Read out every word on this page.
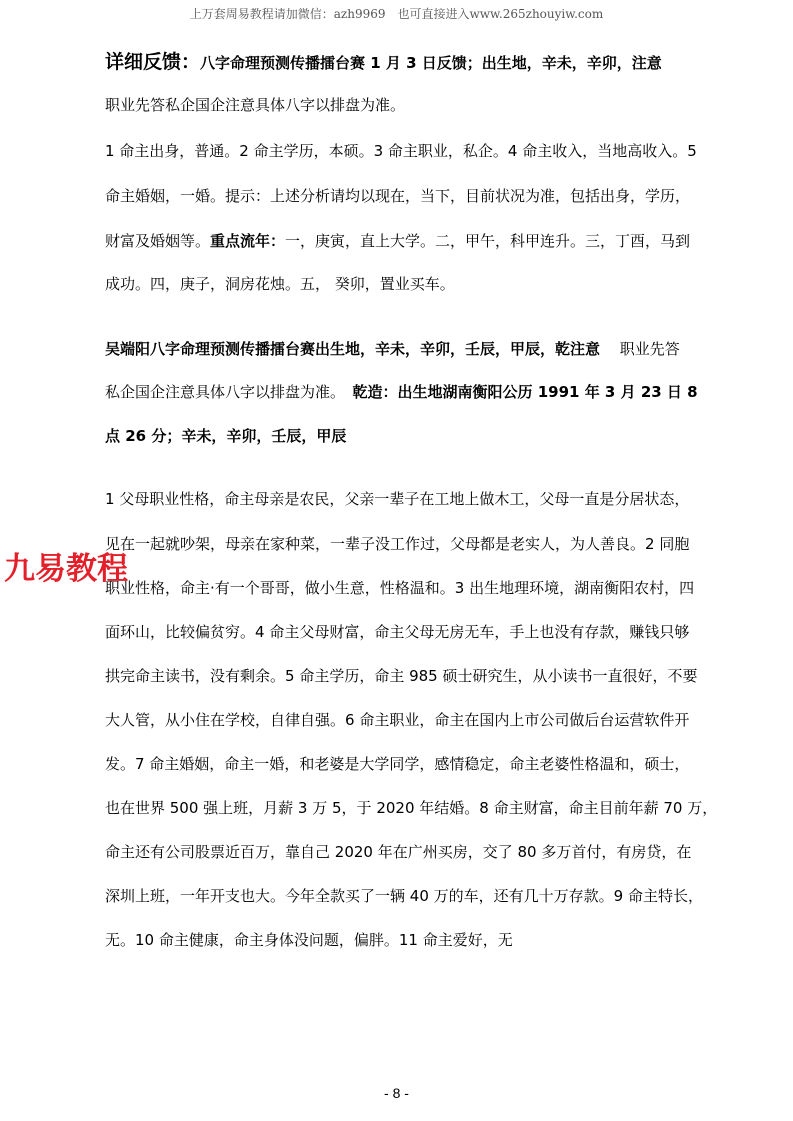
上万套周易教程请加微信：azh9969　也可直接进入www.265zhouyiw.com
详细反馈：八字命理预测传播擂台赛 1 月 3 日反馈；出生地，辛未，辛卯，注意
职业先答私企国企注意具体八字以排盘为准。
1 命主出身，普通。2 命主学历，本硕。3 命主职业，私企。4 命主收入，当地高收入。5
命主婚姻，一婚。提示：上述分析请均以现在，当下，目前状况为准，包括出身，学历，
财富及婚姻等。重点流年：一，庚寅，直上大学。二，甲午，科甲连升。三，丁酉，马到
成功。四，庚子，洞房花烛。五， 癸卯，置业买车。
吴端阳八字命理预测传播擂台赛出生地，辛未，辛卯，壬辰，甲辰，乾注意　 职业先答
私企国企注意具体八字以排盘为准。　乾造：出生地湖南衡阳公历 1991 年 3 月 23 日 8
点 26 分；辛未，辛卯，壬辰，甲辰
1 父母职业性格，命主母亲是农民，父亲一辈子在工地上做木工，父母一直是分居状态，
见在一起就吵架，母亲在家种菜，一辈子没工作过，父母都是老实人，为人善良。2 同胞
职业性格，命主·有一个哥哥，做小生意，性格温和。3 出生地理环境，湖南衡阳农村，四
面环山，比较偏贫穷。4 命主父母财富，命主父母无房无车，手上也没有存款，赚钱只够
拱完命主读书，没有剩余。5 命主学历，命主 985 硕士研究生，从小读书一直很好，不要
大人管，从小住在学校，自律自强。6 命主职业，命主在国内上市公司做后台运营软件开
发。7 命主婚姻，命主一婚，和老婆是大学同学，感情稳定，命主老婆性格温和，硕士，
也在世界 500 强上班，月薪 3 万 5，于 2020 年结婚。8 命主财富，命主目前年薪 70 万，
命主还有公司股票近百万，靠自己 2020 年在广州买房，交了 80 多万首付，有房贷，在
深圳上班，一年开支也大。今年全款买了一辆 40 万的车，还有几十万存款。9 命主特长，
无。10 命主健康，命主身体没问题，偏胖。11 命主爱好，无
九易教程
- 8 -
